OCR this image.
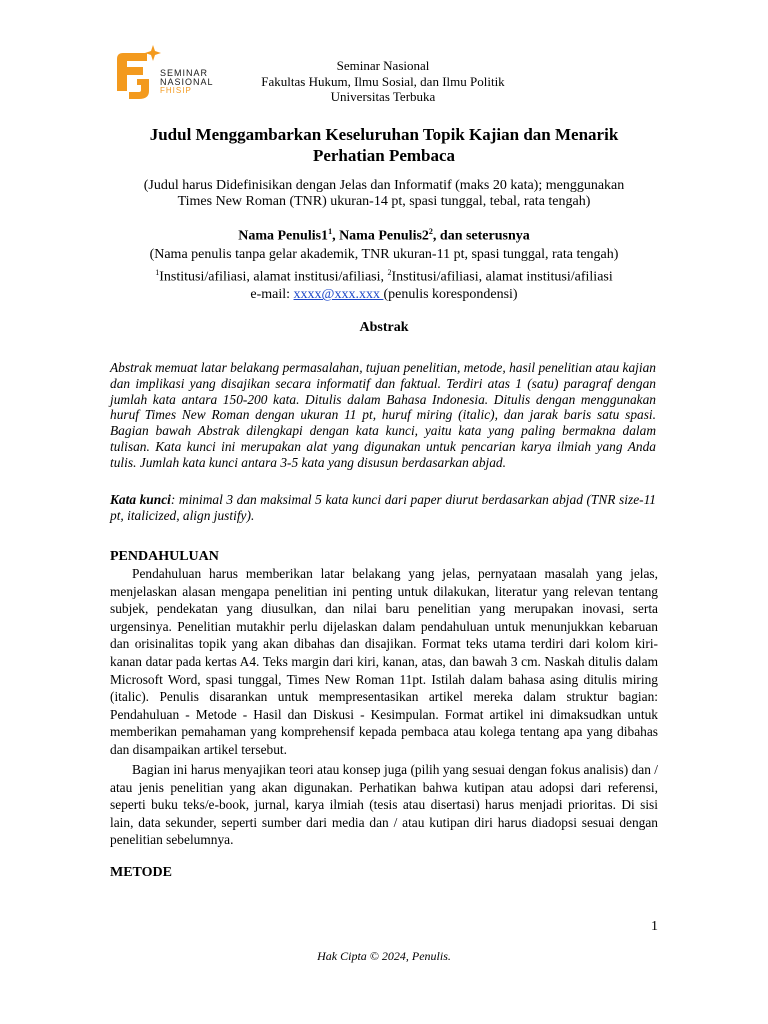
SEMINAR
NASIONAL
FHISIP
Seminar Nasional
Fakultas Hukum, Ilmu Sosial, dan Ilmu Politik
Universitas Terbuka
Judul Menggambarkan Keseluruhan Topik Kajian dan Menarik
Perhatian Pembaca
(Judul harus Didefinisikan dengan Jelas dan Informatif (maks 20 kata); menggunakan
Times New Roman (TNR) ukuran-14 pt, spasi tunggal, tebal, rata tengah)
Nama $Penulis1^1$, Nama $Penulis2^2$, dan seterusnya
(Nama penulis tanpa gelar akademik, TNR ukuran-11 pt, spasi tunggal, rata tengah)
$^1$Institusi/afiliasi, alamat institusi/afiliasi, $^2$Institusi/afiliasi, alamat institusi/afiliasi
e-mail: xxxx@xxx.xxx (penulis korespondensi)
Abstrak
Abstrak memuat latar belakang permasalahan, tujuan penelitian, metode, hasil penelitian atau kajian dan implikasi yang disajikan secara informatif dan faktual. Terdiri atas 1 (satu) paragraf dengan jumlah kata antara 150-200 kata. Ditulis dalam Bahasa Indonesia. Ditulis dengan menggunakan huruf Times New Roman dengan ukuran 11 pt, huruf miring (italic), dan jarak baris satu spasi. Bagian bawah Abstrak dilengkapi dengan kata kunci, yaitu kata yang paling bermakna dalam tulisan. Kata kunci ini merupakan alat yang digunakan untuk pencarian karya ilmiah yang Anda tulis. Jumlah kata kunci antara 3-5 kata yang disusun berdasarkan abjad.
Kata kunci: minimal 3 dan maksimal 5 kata kunci dari paper diurut berdasarkan abjad (TNR size-11 pt, italicized, align justify).
PENDAHULUAN
Pendahuluan harus memberikan latar belakang yang jelas, pernyataan masalah yang jelas, menjelaskan alasan mengapa penelitian ini penting untuk dilakukan, literatur yang relevan tentang subjek, pendekatan yang diusulkan, dan nilai baru penelitian yang merupakan inovasi, serta urgensinya. Penelitian mutakhir perlu dijelaskan dalam pendahuluan untuk menunjukkan kebaruan dan orisinalitas topik yang akan dibahas dan disajikan. Format teks utama terdiri dari kolom kiri-kanan datar pada kertas A4. Teks margin dari kiri, kanan, atas, dan bawah 3 cm. Naskah ditulis dalam Microsoft Word, spasi tunggal, Times New Roman 11pt. Istilah dalam bahasa asing ditulis miring (italic). Penulis disarankan untuk mempresentasikan artikel mereka dalam struktur bagian: Pendahuluan - Metode - Hasil dan Diskusi - Kesimpulan. Format artikel ini dimaksudkan untuk memberikan pemahaman yang komprehensif kepada pembaca atau kolega tentang apa yang dibahas dan disampaikan artikel tersebut.
Bagian ini harus menyajikan teori atau konsep juga (pilih yang sesuai dengan fokus analisis) dan / atau jenis penelitian yang akan digunakan. Perhatikan bahwa kutipan atau adopsi dari referensi, seperti buku teks/e-book, jurnal, karya ilmiah (tesis atau disertasi) harus menjadi prioritas. Di sisi lain, data sekunder, seperti sumber dari media dan / atau kutipan diri harus diadopsi sesuai dengan penelitian sebelumnya.
METODE
1
Hak Cipta © 2024, Penulis.
